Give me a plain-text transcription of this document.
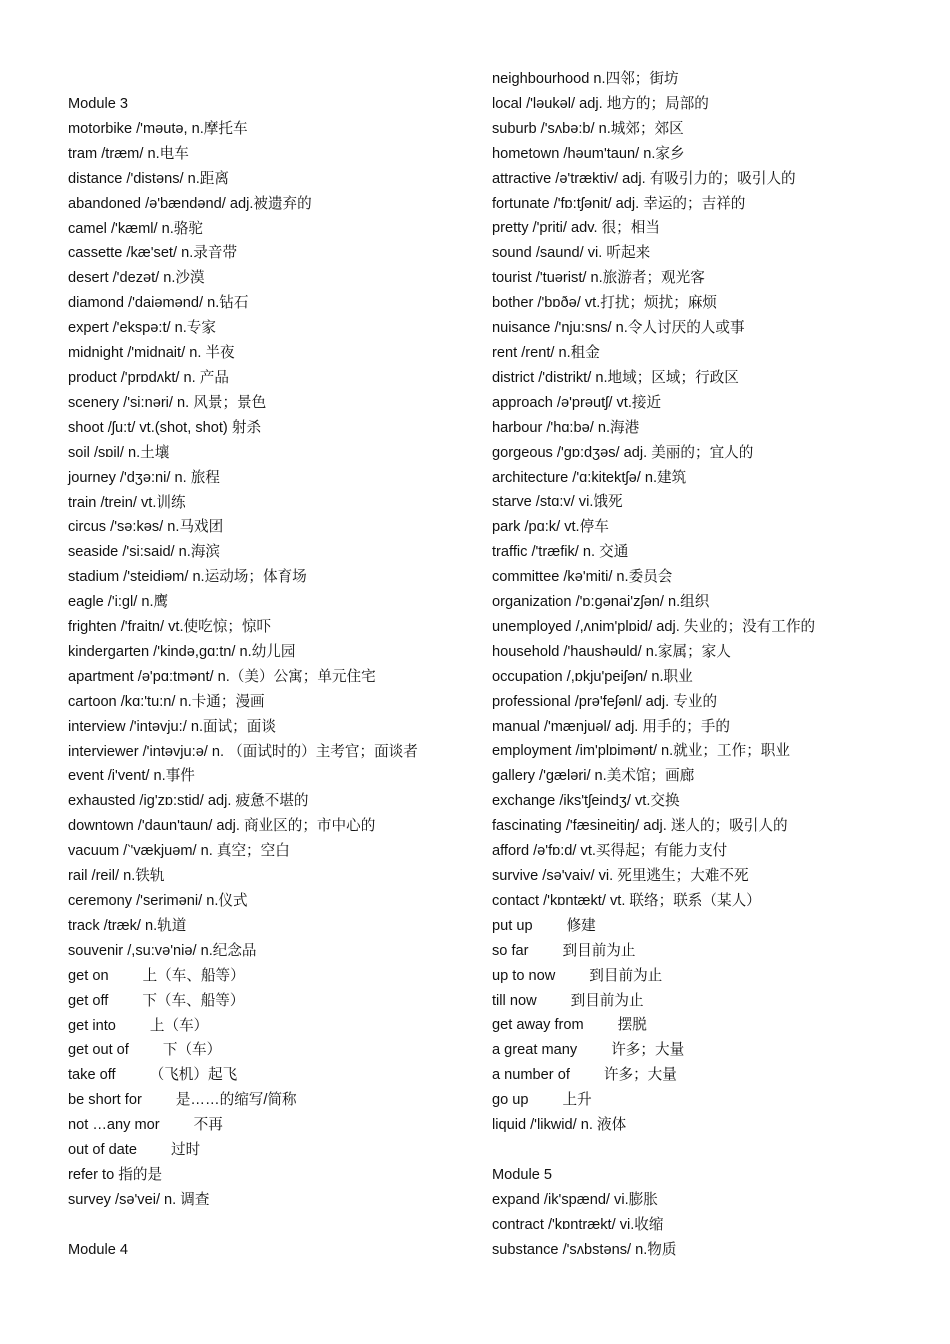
Module 3
motorbike /'məutə, n.摩托车
tram /træm/ n.电车
distance /'distəns/ n.距离
abandoned /ə'bændənd/ adj.被遗弃的
camel /'kæml/ n.骆驼
cassette /kæ'set/ n.录音带
desert /'dezət/ n.沙漠
diamond /'daiəmənd/ n.钻石
expert /'ekspə:t/ n.专家
midnight /'midnait/ n. 半夜
product /'prɒdʌkt/ n. 产品
scenery /'si:nəri/ n. 风景；景色
shoot /ʃu:t/ vt.(shot, shot) 射杀
soil /sɒil/ n.土壤
journey /'dʒə:ni/ n. 旅程
train /trein/ vt.训练
circus /'sə:kəs/ n.马戏团
seaside /'si:said/ n.海滨
stadium /'steidiəm/ n.运动场；体育场
eagle /'i:gl/ n.鹰
frighten /'fraitn/ vt.使吃惊；惊吓
kindergarten /'kində,gɑ:tn/ n.幼儿园
apartment /ə'pɑ:tmənt/ n.（美）公寓；单元住宅
cartoon /kɑ:'tu:n/ n.卡通；漫画
interview /'intəvju:/ n.面试；面谈
interviewer /'intəvju:ə/ n. （面试时的）主考官；面谈者
event /i'vent/ n.事件
exhausted /ig'zɒ:stid/ adj. 疲惫不堪的
downtown /'daun'taun/ adj. 商业区的；市中心的
vacuum /‵'vækjuəm/ n. 真空；空白
rail /reil/ n.铁轨
ceremony /'seriməni/ n.仪式
track /træk/ n.轨道
souvenir /,su:və'niə/ n.纪念品
get on 上（车、船等）
get off 下（车、船等）
get into 上（车）
get out of 下（车）
take off （飞机）起飞
be short for 是……的缩写/简称
not …any mor 不再
out of date 过时
refer to 指的是
survey /sə'vei/ n. 调查
Module 4
neighbourhood n.四邻；街坊
local /'ləukəl/ adj. 地方的；局部的
suburb /'sʌbə:b/ n.城郊；郊区
hometown /həum'taun/ n.家乡
attractive /ə'træktiv/ adj. 有吸引力的；吸引人的
fortunate /'fɒ:tʃənit/ adj. 幸运的；吉祥的
pretty /'priti/ adv. 很；相当
sound /saund/ vi. 听起来
tourist /'tuərist/ n.旅游者；观光客
bother /'bɒðə/ vt.打扰；烦扰；麻烦
nuisance /'nju:sns/ n.令人讨厌的人或事
rent /rent/ n.租金
district /'distrikt/ n.地域；区域；行政区
approach /ə'prəutʃ/ vt.接近
harbour /'hɑ:bə/ n.海港
gorgeous /'gɒ:dʒəs/ adj. 美丽的；宜人的
architecture /'ɑ:kitektʃə/ n.建筑
starve /stɑ:v/ vi.饿死
park /pɑ:k/ vt.停车
traffic /'træfik/ n. 交通
committee /kə'miti/ n.委员会
organization /'ɒ:gənai'zʃən/ n.组织
unemployed /,ʌnim'plɒid/ adj. 失业的；没有工作的
household /'haushəuld/ n.家属；家人
occupation /,ɒkju'peiʃən/ n.职业
professional /prə'feʃənl/ adj. 专业的
manual /'mænjuəl/ adj. 用手的；手的
employment /im'plɒimənt/ n.就业；工作；职业
gallery /'gæləri/ n.美术馆；画廊
exchange /iks'tʃeindʒ/ vt.交换
fascinating /'fæsineitiŋ/ adj. 迷人的；吸引人的
afford /ə'fɒ:d/ vt.买得起；有能力支付
survive /sə'vaiv/ vi. 死里逃生；大难不死
contact /'kɒntækt/ vt. 联络；联系（某人）
put up 修建
so far 到目前为止
up to now 到目前为止
till now 到目前为止
get away from 摆脱
a great many 许多；大量
a number of 许多；大量
go up 上升
liquid /'likwid/ n. 液体
Module 5
expand /ik'spænd/ vi.膨胀
contract /'kɒntrækt/ vi.收缩
substance /'sʌbstəns/ n.物质
